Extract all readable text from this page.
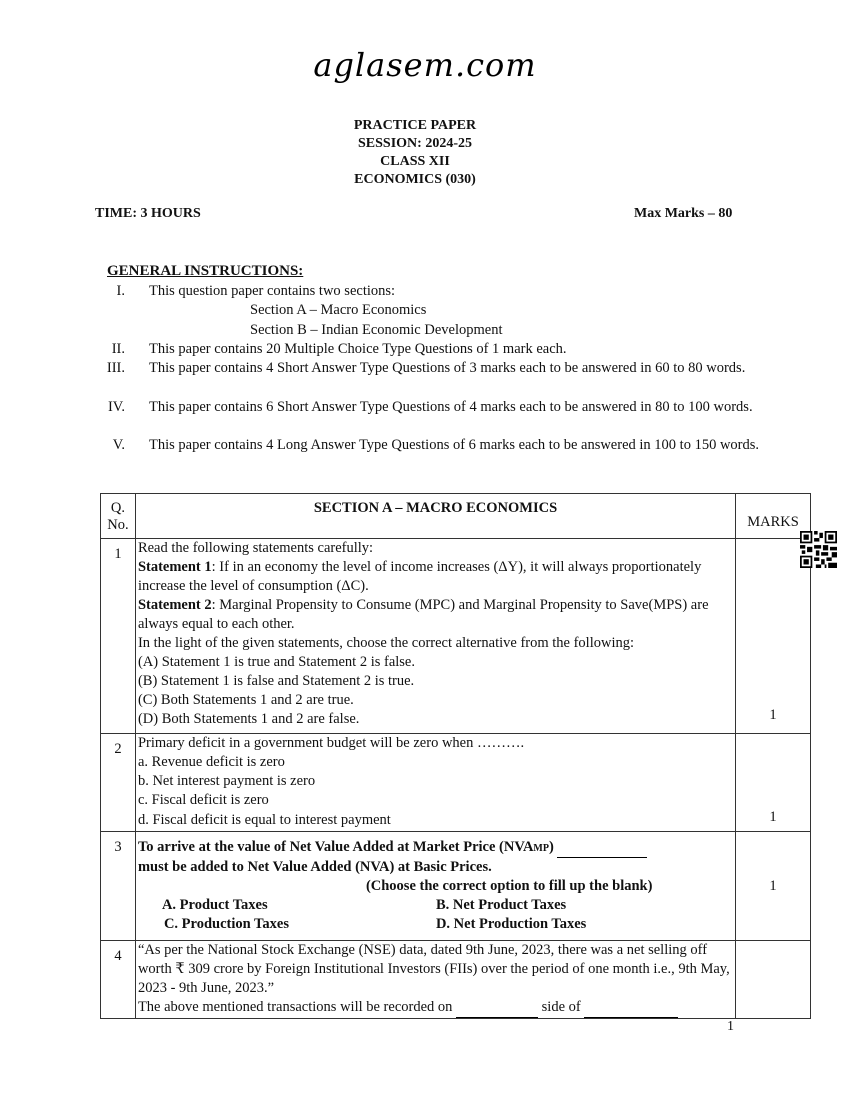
aglasem.com
PRACTICE PAPER
SESSION: 2024-25
CLASS XII
ECONOMICS (030)
TIME: 3 HOURS	Max Marks – 80
GENERAL INSTRUCTIONS:
I. This question paper contains two sections:
Section A – Macro Economics
Section B – Indian Economic Development
II. This paper contains 20 Multiple Choice Type Questions of 1 mark each.
III. This paper contains 4 Short Answer Type Questions of 3 marks each to be answered in 60 to 80 words.
IV. This paper contains 6 Short Answer Type Questions of 4 marks each to be answered in 80 to 100 words.
V. This paper contains 4 Long Answer Type Questions of 6 marks each to be answered in 100 to 150 words.
Q. No.	SECTION A – MACRO ECONOMICS	MARKS
1	Read the following statements carefully:
Statement 1: If in an economy the level of income increases (ΔY), it will always proportionately increase the level of consumption (ΔC).
Statement 2: Marginal Propensity to Consume (MPC) and Marginal Propensity to Save(MPS) are always equal to each other.
In the light of the given statements, choose the correct alternative from the following:
(A) Statement 1 is true and Statement 2 is false.
(B) Statement 1 is false and Statement 2 is true.
(C) Both Statements 1 and 2 are true.
(D) Both Statements 1 and 2 are false.	1
2	Primary deficit in a government budget will be zero when ……….
a. Revenue deficit is zero
b. Net interest payment is zero
c. Fiscal deficit is zero
d. Fiscal deficit is equal to interest payment	1
3	To arrive at the value of Net Value Added at Market Price (NVAMP)
must be added to Net Value Added (NVA) at Basic Prices.
(Choose the correct option to fill up the blank)
A. Product Taxes	B. Net Product Taxes
C. Production Taxes	D. Net Production Taxes
	1
4	“As per the National Stock Exchange (NSE) data, dated 9th June, 2023, there was a net selling off worth ₹ 309 crore by Foreign Institutional Investors (FIIs) over the period of one month i.e., 9th May, 2023 - 9th June, 2023.”
The above mentioned transactions will be recorded on side of	

1
